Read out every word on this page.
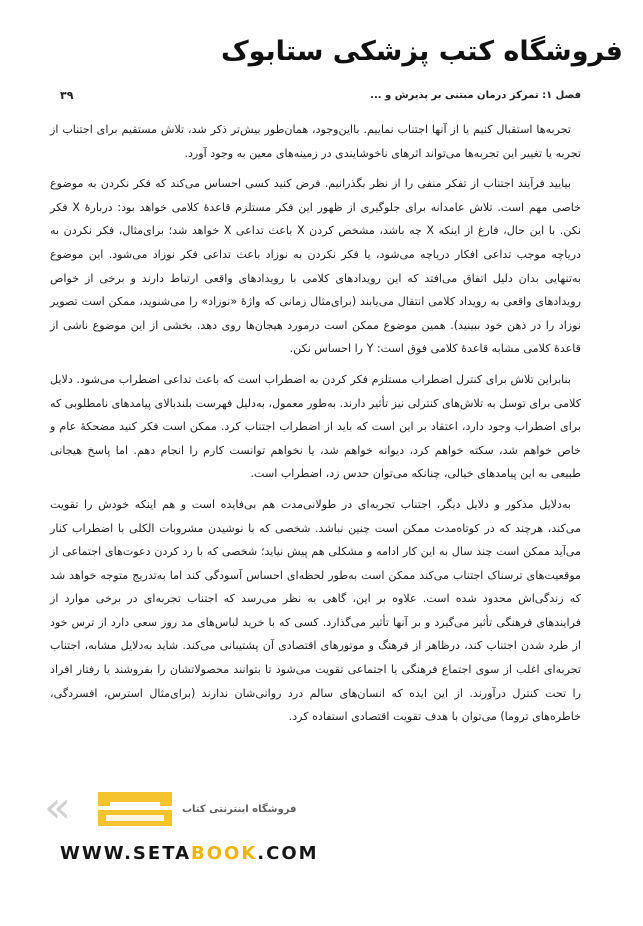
فروشگاه کتب پزشکی ستابوک
فصل ۱: تمرکز درمان مبتنی بر پذیرش و ...
۳۹

تجربه‌ها استقبال کنیم یا از آنها اجتناب نماییم. بااین‌وجود، همان‌طور بیش‌تر ذکر شد، تلاش مستقیم برای اجتناب از تجربه یا تغییر این تجربه‌ها می‌تواند اثرهای ناخوشایندی در زمینه‌های معین به وجود آورد.

بیایید فرآیند اجتناب از تفکر منفی را از نظر بگذرانیم. فرض کنید کسی احساس می‌کند که فکر نکردن به موضوع خاصی مهم است. تلاش عامدانه برای جلوگیری از ظهور این فکر مستلزم قاعدهٔ کلامی خواهد بود: دربارهٔ X فکر نکن. با این حال، فارغ از اینکه X چه باشد، مشخص کردن X باعث تداعی X خواهد شد؛ برای‌مثال، فکر نکردن به دریاچه موجب تداعی افکار دریاچه می‌شود، یا فکر نکردن به نوزاد باعث تداعی فکر نوزاد می‌شود. این موضوع به‌تنهایی بدان دلیل اتفاق می‌افتد که این رویدادهای کلامی با رویدادهای واقعی ارتباط دارند و برخی از خواص رویدادهای واقعی به رویداد کلامی انتقال می‌یابند (برای‌مثال زمانی که واژهٔ «نوزاد» را می‌شنوید، ممکن است تصویر نوزاد را در ذهن خود ببینید). همین موضوع ممکن است درمورد هیجان‌ها روی دهد. بخشی از این موضوع ناشی از قاعدهٔ کلامی مشابه قاعدهٔ کلامی فوق است: Y را احساس نکن.

بنابراین تلاش برای کنترل اضطراب مستلزم فکر کردن به اضطراب است که باعث تداعی اضطراب می‌شود. دلایل کلامی برای توسل به تلاش‌های کنترلی نیز تأثیر دارند. به‌طور معمول، به‌دلیل فهرست بلندبالای پیامدهای نامطلوبی که برای اضطراب وجود دارد، اعتقاد بر این است که باید از اضطراب اجتناب کرد. ممکن است فکر کنید مضحکهٔ عام و خاص خواهم شد، سکته خواهم کرد، دیوانه خواهم شد، یا نخواهم توانست کارم را انجام دهم. اما پاسخ هیجانی طبیعی به این پیامدهای خیالی، چنانکه می‌توان حدس زد، اضطراب است.

به‌دلایل مذکور و دلایل دیگر، اجتناب تجربه‌ای در طولانی‌مدت هم بی‌فایده است و هم اینکه خودش را تقویت می‌کند، هرچند که در کوتاه‌مدت ممکن است چنین نباشد. شخصی که با نوشیدن مشروبات الکلی با اضطراب کنار می‌آید ممکن است چند سال به این کار ادامه و مشکلی هم پیش نیاید؛ شخصی که با رد کردن دعوت‌های اجتماعی از موقعیت‌های ترسناک اجتناب می‌کند ممکن است به‌طور لحظه‌ای احساس آسودگی کند اما به‌تدریج متوجه خواهد شد که زندگی‌اش محدود شده است. علاوه بر این، گاهی به نظر می‌رسد که اجتناب تجربه‌ای در برخی موارد از فرایندهای فرهنگی تأثیر می‌گیرد و بر آنها تأثیر می‌گذارد. کسی که با خرید لباس‌های مد روز سعی دارد از ترس خود از طرد شدن اجتناب کند، درظاهر از فرهنگ و موتورهای اقتصادی آن پشتیبانی می‌کند. شاید به‌دلایل مشابه، اجتناب تجربه‌ای اغلب از سوی اجتماع فرهنگی یا اجتماعی تقویت می‌شود تا بتوانند محصولاتشان را بفروشند یا رفتار افراد را تحت کنترل درآورند. از این ایده که انسان‌های سالم درد روانی‌شان ندارند (برای‌مثال استرس، افسردگی، خاطره‌های تروما) می‌توان با هدف تقویت اقتصادی استفاده کرد.

«	فروشگاه اینترنتی کتاب
WWW.SETABOOK.COM
